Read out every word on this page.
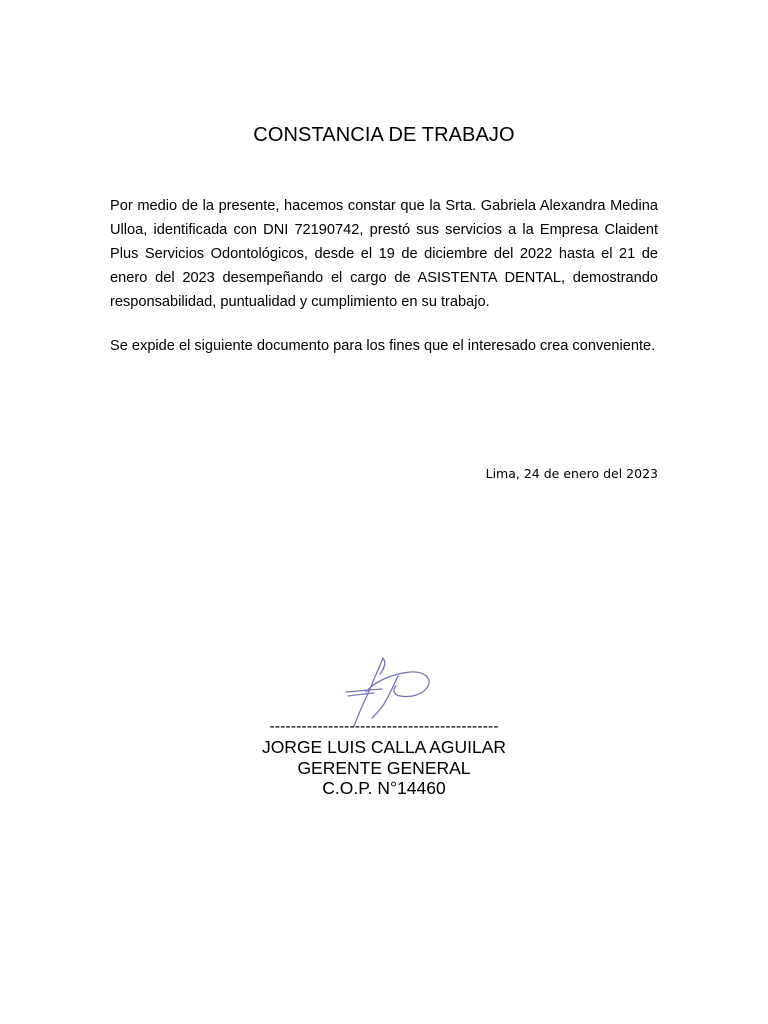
CONSTANCIA DE TRABAJO

Por medio de la presente, hacemos constar que la Srta. Gabriela Alexandra Medina Ulloa, identificada con DNI 72190742, prestó sus servicios a la Empresa Claident Plus Servicios Odontológicos, desde el 19 de diciembre del 2022 hasta el 21 de enero del 2023 desempeñando el cargo de ASISTENTA DENTAL, demostrando responsabilidad, puntualidad y cumplimiento en su trabajo.

Se expide el siguiente documento para los fines que el interesado crea conveniente.

Lima, 24 de enero del 2023
-------------------------------------------
JORGE LUIS CALLA AGUILAR
GERENTE GENERAL
C.O.P. N°14460
